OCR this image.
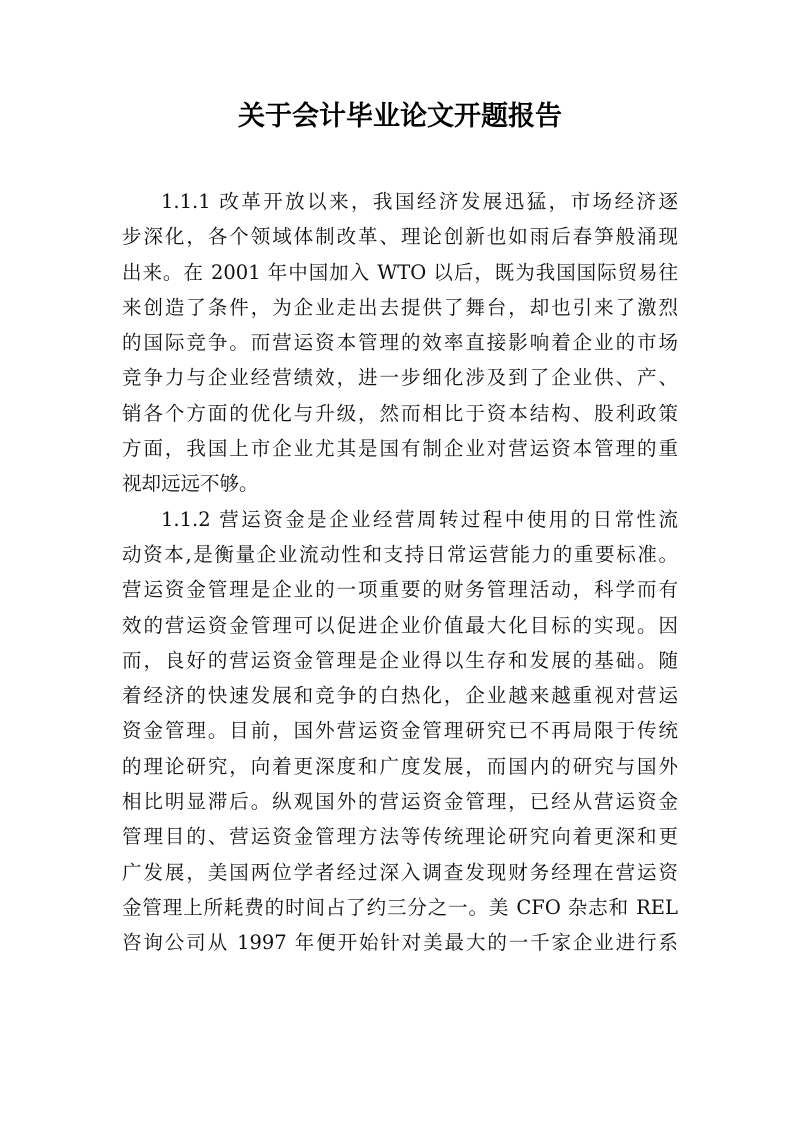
关于会计毕业论文开题报告
1.1.1 改革开放以来，我国经济发展迅猛，市场经济逐
步深化，各个领域体制改革、理论创新也如雨后春笋般涌现
出来。在 2001 年中国加入 WTO 以后，既为我国国际贸易往
来创造了条件，为企业走出去提供了舞台，却也引来了激烈
的国际竞争。而营运资本管理的效率直接影响着企业的市场
竞争力与企业经营绩效，进一步细化涉及到了企业供、产、
销各个方面的优化与升级，然而相比于资本结构、股利政策
方面，我国上市企业尤其是国有制企业对营运资本管理的重
视却远远不够。
1.1.2 营运资金是企业经营周转过程中使用的日常性流
动资本,是衡量企业流动性和支持日常运营能力的重要标准。
营运资金管理是企业的一项重要的财务管理活动，科学而有
效的营运资金管理可以促进企业价值最大化目标的实现。因
而，良好的营运资金管理是企业得以生存和发展的基础。随
着经济的快速发展和竞争的白热化，企业越来越重视对营运
资金管理。目前，国外营运资金管理研究已不再局限于传统
的理论研究，向着更深度和广度发展，而国内的研究与国外
相比明显滞后。纵观国外的营运资金管理，已经从营运资金
管理目的、营运资金管理方法等传统理论研究向着更深和更
广发展，美国两位学者经过深入调查发现财务经理在营运资
金管理上所耗费的时间占了约三分之一。美 CFO 杂志和 REL
咨询公司从 1997 年便开始针对美最大的一千家企业进行系
